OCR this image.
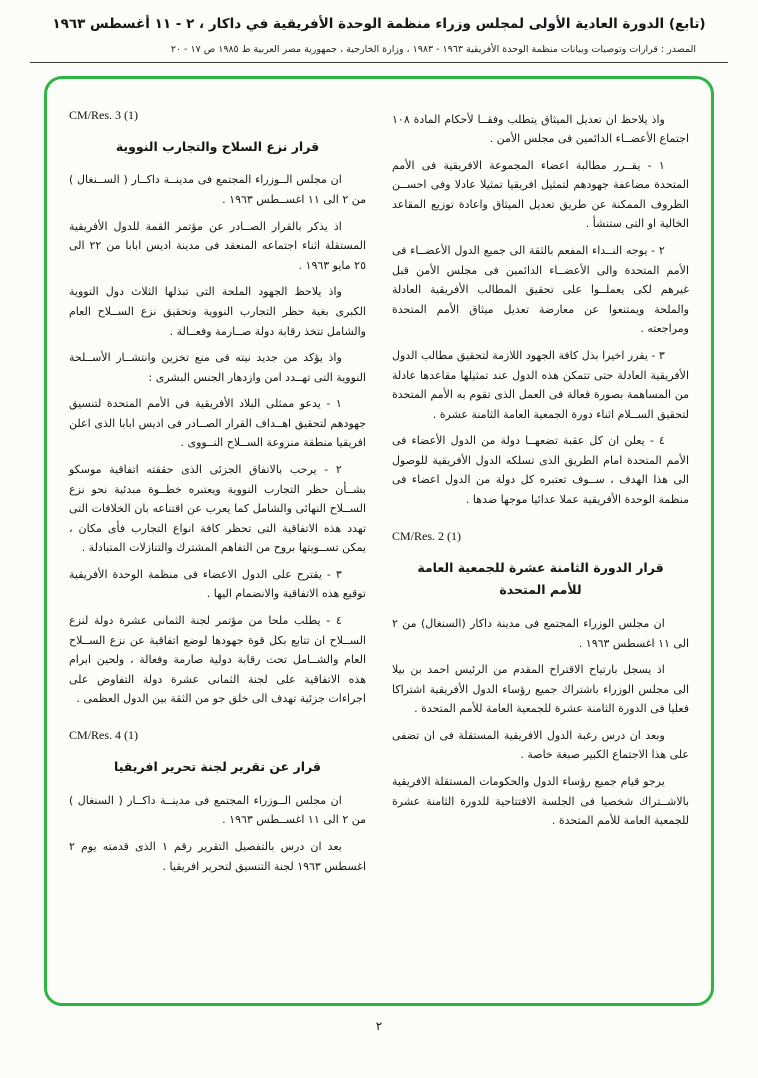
(تابع) الدورة العادية الأولى لمجلس وزراء منظمة الوحدة الأفريقية في داكار ، ٢ - ١١ أغسطس ١٩٦٣
المصدر : قرارات وتوصيات وبيانات منظمة الوحدة الأفريقية ١٩٦٣ - ١٩٨٣ ، وزارة الخارجية ، جمهورية مصر العربية ط ١٩٨٥ ص ١٧ - ٢٠

واذ يلاحظ ان تعديل الميثاق يتطلب وفقــا لأحكام المادة ١٠٨ اجتماع الأعضــاء الدائمين فى مجلس الأمن .

١ - يقــرر مطالبة اعضاء المجموعة الافريقية فى الأمم المتحدة مضاعفة جهودهم لتمثيل افريقيا تمثيلا عادلا وفى احســن الظروف الممكنة عن طريق تعديل الميثاق واعادة توزيع المقاعد الخالية او التى ستنشأ .

٢ - يوجه النــداء المفعم بالثقة الى جميع الدول الأعضــاء فى الأمم المتحدة والى الأعضــاء الدائمين فى مجلس الأمن قبل غيرهم لكى يعملــوا على تحقيق المطالب الأفريقية العادلة والملحة ويمتنعوا عن معارضة تعديل ميثاق الأمم المتحدة ومراجعته .

٣ - يقرر اخيرا بذل كافة الجهود اللازمة لتحقيق مطالب الدول الأفريقية العادلة حتى تتمكن هذه الدول عند تمثيلها مقاعدها عادلة من المساهمة بصورة فعالة فى العمل الذى تقوم به الأمم المتحدة لتحقيق الســلام اثناء دورة الجمعية العامة الثامنة عشرة .

٤ - يعلن ان كل عقبة تضعهــا دولة من الدول الأعضاء فى الأمم المتحدة امام الطريق الذى تسلكه الدول الأفريقية للوصول الى هذا الهدف ، ســوف تعتبره كل دولة من الدول اعضاء فى منظمة الوحدة الأفريقية عملا عدائيا موجها ضدها .

CM/Res. 2 (1)
قرار الدورة الثامنة عشرة للجمعية العامة للأمم المتحدة

ان مجلس الوزراء المجتمع فى مدينة داكار (السنغال) من ٢ الى ١١ اغسطس ١٩٦٣ .

اذ يسجل بارتياح الاقتراح المقدم من الرئيس احمد بن بيلا الى مجلس الوزراء باشتراك جميع رؤساء الدول الأفريقية اشتراكا فعليا فى الدورة الثامنة عشرة للجمعية العامة للأمم المتحدة .

وبعد ان درس رغبة الدول الافريقية المستقلة فى ان تضفى على هذا الاجتماع الكبير صبغة خاصة .

يرجو قيام جميع رؤساء الدول والحكومات المستقلة الافريقية بالاشــتراك شخصيا فى الجلسة الافتتاحية للدورة الثامنة عشرة للجمعية العامة للأمم المتحدة .

CM/Res. 3 (1)
قرار نزع السلاح والتجارب النووية

ان مجلس الــوزراء المجتمع فى مدينــة داكــار ( الســنغال ) من ٢ الى ١١ اغســطس ١٩٦٣ .

اذ يذكر بالقرار الصــادر عن مؤتمر القمة للدول الأفريقية المستقلة اثناء اجتماعه المنعقد فى مدينة اديس ابابا من ٢٢ الى ٢٥ مايو ١٩٦٣ .

واذ يلاحظ الجهود الملحة التى تبذلها الثلاث دول النووية الكبرى بغية حظر التجارب النووية وتحقيق نزع الســلاح العام والشامل تتخذ رقابة دولة صــارمة وفعــالة .

واذ يؤكد من جديد نيته فى منع تخزين وانتشــار الأســلحة النووية التى تهــدد امن وازدهار الجنس البشرى :

١ - يدعو ممثلى البلاد الأفريقية فى الأمم المتحدة لتنسيق جهودهم لتحقيق اهــداف القرار الصــادر فى اديس ابابا الذى اعلن افريقيا منطقة منزوعة الســلاح النــووى .

٢ - يرحب بالاتفاق الجزئى الذى حققته اتفاقية موسكو بشــأن حظر التجارب النووية ويعتبره خطــوة مبدئية نحو نزع الســلاح النهائى والشامل كما يعرب عن اقتناعه بان الخلافات التى تهدد هذه الاتفاقية التى تحظر كافة انواع التجارب فأى مكان ، يمكن تســويتها بروح من التفاهم المشترك والتنازلات المتبادلة .

٣ - يقترح على الدول الاعضاء فى منظمة الوحدة الأفريقية توقيع هذه الاتفاقية والانضمام اليها .

٤ - يطلب ملحا من مؤتمر لجنة الثمانى عشرة دولة لنزع الســلاح ان تتابع بكل قوة جهودها لوضع اتفاقية عن نزع الســلاح العام والشــامل تحت رقابة دولية صارمة وفعالة ، ولحين ابرام هذه الاتفاقية على لجنة الثمانى عشرة دولة التفاوض على اجراءات جزئية تهدف الى خلق جو من الثقة بين الدول العظمى .

CM/Res. 4 (1)
قرار عن تقرير لجنة تحرير افريقيا

ان مجلس الــوزراء المجتمع فى مدينــة داكــار ( السنغال ) من ٢ الى ١١ اغســطس ١٩٦٣ .

بعد ان درس بالتفصيل التقرير رقم ١ الذى قدمته يوم ٢ اغسطس ١٩٦٣ لجنة التنسيق لتحرير افريقيا .

٢
